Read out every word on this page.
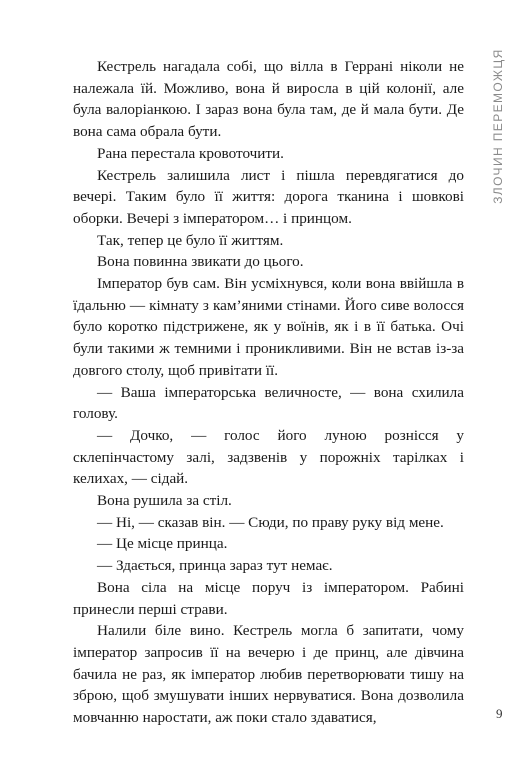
Кестрель нагадала собі, що вілла в Геррані ніколи не належала їй. Можливо, вона й виросла в цій колонії, але була валоріанкою. І зараз вона була там, де й мала бути. Де вона сама обрала бути.

Рана перестала кровоточити.

Кестрель залишила лист і пішла перевдягатися до вечері. Таким було її життя: дорога тканина і шовкові оборки. Вечері з імператором… і принцом.

Так, тепер це було її життям.

Вона повинна звикати до цього.

Імператор був сам. Він усміхнувся, коли вона ввійшла в їдальню — кімнату з кам’яними стінами. Його сиве волосся було коротко підстрижене, як у воїнів, як і в її батька. Очі були такими ж темними і проникливими. Він не встав із-за довгого столу, щоб привітати її.

— Ваша імператорська величносте, — вона схилила голову.

— Дочко, — голос його луною рознісся у склепінчастому залі, задзвенів у порожніх тарілках і келихах, — сідай.

Вона рушила за стіл.

— Ні, — сказав він. — Сюди, по праву руку від мене.

— Це місце принца.

— Здається, принца зараз тут немає.

Вона сіла на місце поруч із імператором. Рабині принесли перші страви.

Налили біле вино. Кестрель могла б запитати, чому імператор запросив її на вечерю і де принц, але дівчина бачила не раз, як імператор любив перетворювати тишу на зброю, щоб змушувати інших нервуватися. Вона дозволила мовчанню наростати, аж поки стало здаватися,

ЗЛОЧИН ПЕРЕМОЖЦЯ
9
